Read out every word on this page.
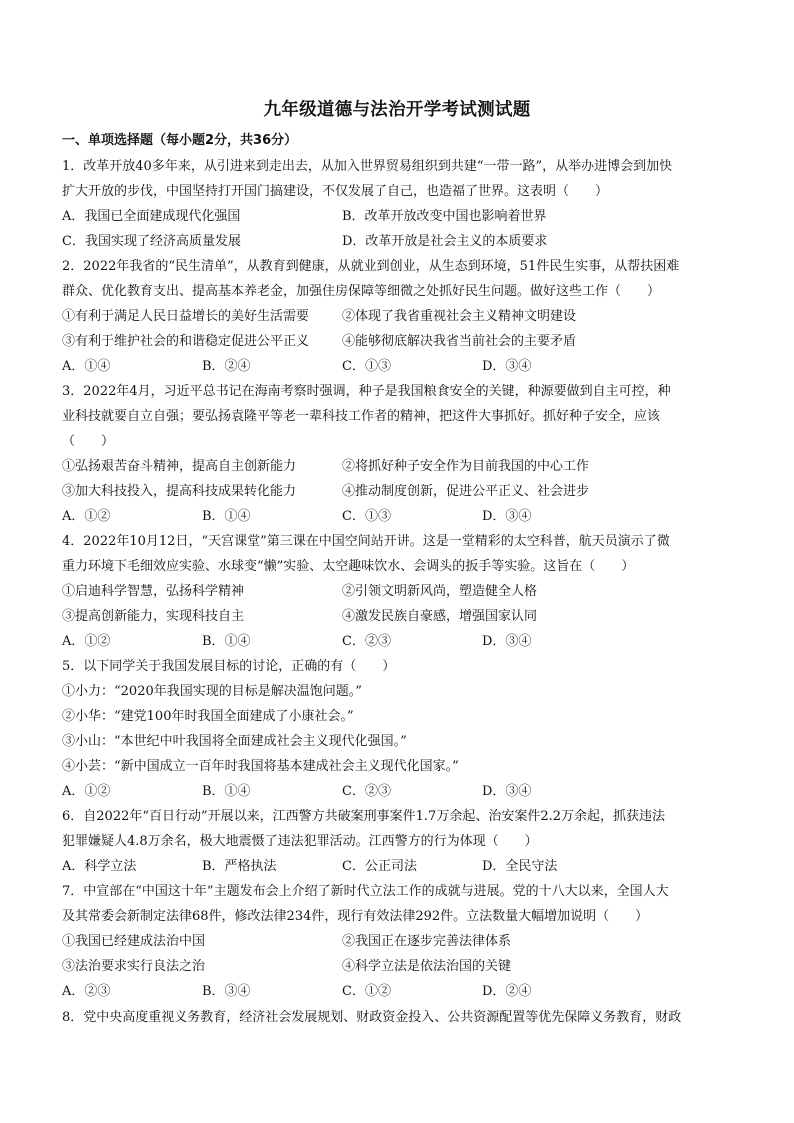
九年级道德与法治开学考试测试题
一、单项选择题（每小题2分，共36分）
1．改革开放40多年来，从引进来到走出去，从加入世界贸易组织到共建“一带一路”，从举办进博会到加快
扩大开放的步伐，中国坚持打开国门搞建设，不仅发展了自己，也造福了世界。这表明（　　）
A．我国已全面建成现代化强国	B．改革开放改变中国也影响着世界
C．我国实现了经济高质量发展	D．改革开放是社会主义的本质要求
2．2022年我省的“民生清单”，从教育到健康，从就业到创业，从生态到环境，51件民生实事，从帮扶困难
群众、优化教育支出、提高基本养老金，加强住房保障等细微之处抓好民生问题。做好这些工作（　　）
①有利于满足人民日益增长的美好生活需要	②体现了我省重视社会主义精神文明建设
③有利于维护社会的和谐稳定促进公平正义	④能够彻底解决我省当前社会的主要矛盾
A．①④	B．②④	C．①③	D．③④
3．2022年4月，习近平总书记在海南考察时强调，种子是我国粮食安全的关键，种源要做到自主可控，种
业科技就要自立自强；要弘扬袁隆平等老一辈科技工作者的精神，把这件大事抓好。抓好种子安全，应该
（　　）
①弘扬艰苦奋斗精神，提高自主创新能力	②将抓好种子安全作为目前我国的中心工作
③加大科技投入，提高科技成果转化能力	④推动制度创新，促进公平正义、社会进步
A．①②	B．①④	C．①③	D．③④
4．2022年10月12日，“天宫课堂”第三课在中国空间站开讲。这是一堂精彩的太空科普，航天员演示了微
重力环境下毛细效应实验、水球变“懒”实验、太空趣味饮水、会调头的扳手等实验。这旨在（　　）
①启迪科学智慧，弘扬科学精神	②引领文明新风尚，塑造健全人格
③提高创新能力，实现科技自主	④激发民族自豪感，增强国家认同
A．①②	B．①④	C．②③	D．③④
5．以下同学关于我国发展目标的讨论，正确的有（　　）
①小力：“2020年我国实现的目标是解决温饱问题。”
②小华：“建党100年时我国全面建成了小康社会。”
③小山：“本世纪中叶我国将全面建成社会主义现代化强国。”
④小芸：“新中国成立一百年时我国将基本建成社会主义现代化国家。”
A．①②	B．①④	C．②③	D．③④
6．自2022年“百日行动”开展以来，江西警方共破案刑事案件1.7万余起、治安案件2.2万余起，抓获违法
犯罪嫌疑人4.8万余名，极大地震慑了违法犯罪活动。江西警方的行为体现（　　）
A．科学立法	B．严格执法	C．公正司法	D．全民守法
7．中宣部在“中国这十年”主题发布会上介绍了新时代立法工作的成就与进展。党的十八大以来，全国人大
及其常委会新制定法律68件，修改法律234件，现行有效法律292件。立法数量大幅增加说明（　　）
①我国已经建成法治中国	②我国正在逐步完善法律体系
③法治要求实行良法之治	④科学立法是依法治国的关键
A．②③	B．③④	C．①②	D．②④
8．党中央高度重视义务教育，经济社会发展规划、财政资金投入、公共资源配置等优先保障义务教育，财政
